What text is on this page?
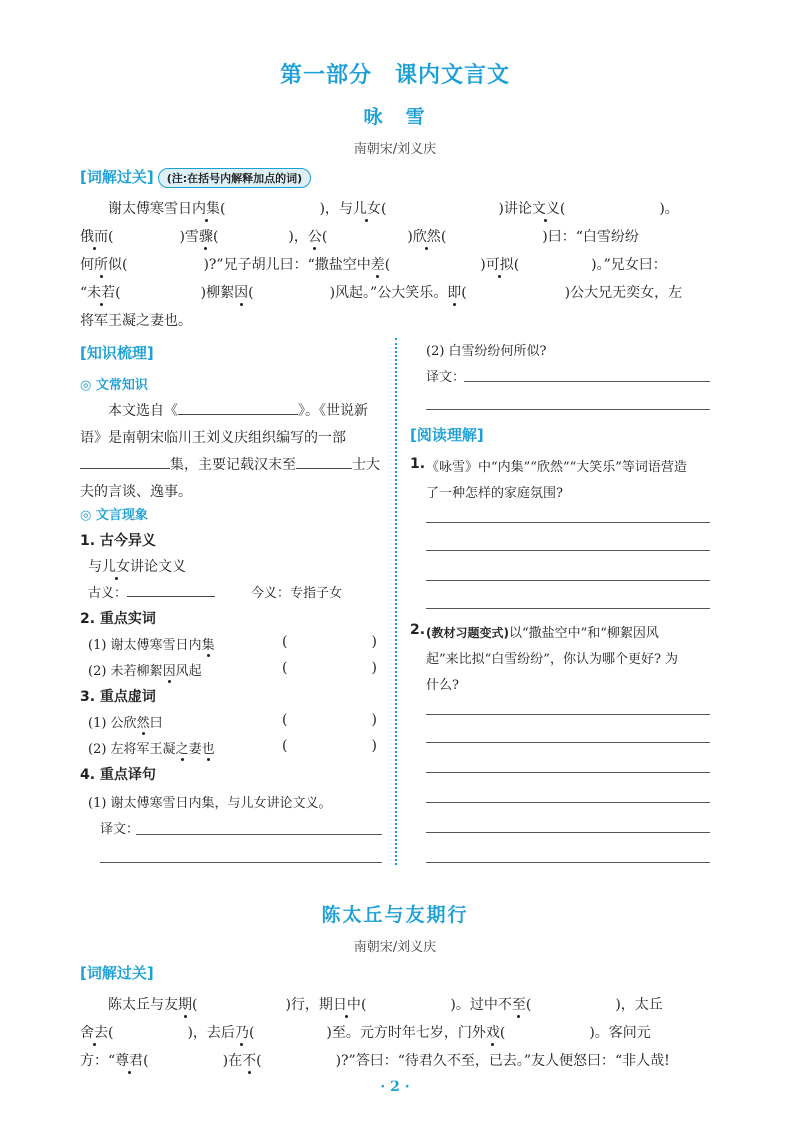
第一部分　课内文言文
咏　雪
南朝宋/刘义庆
[词解过关] (注:在括号内解释加点的词)
谢太傅寒雪日内集(	)，与儿女(	)讲论文义(	)。
俄而(	)雪骤(	)，公(	)欣然(	)曰：“白雪纷纷
何所似(	)?”兄子胡儿曰：“撒盐空中差(	)可拟(	)。”兄女曰：
“未若(	)柳絮因(	)风起。”公大笑乐。即(	)公大兄无奕女，左
将军王凝之妻也。
[知识梳理]
◎ 文常知识
本文选自《	》。《世说新
语》是南朝宋临川王刘义庆组织编写的一部
集，主要记载汉末至	士大
夫的言谈、逸事。
◎ 文言现象
1. 古今异义
与儿女讲论文义
古义：	今义：专指子女
2. 重点实词
(1) 谢太傅寒雪日内集	(	)
(2) 未若柳絮因风起	(	)
3. 重点虚词
(1) 公欣然曰	(	)
(2) 左将军王凝之妻也	(	)
4. 重点译句
(1) 谢太傅寒雪日内集，与儿女讲论文义。
译文：
(2) 白雪纷纷何所似?
译文：
[阅读理解]
1. 《咏雪》中“内集”“欣然”“大笑乐”等词语营造
了一种怎样的家庭氛围?
2. (教材习题变式)以“撒盐空中”和“柳絮因风
起”来比拟“白雪纷纷”，你认为哪个更好? 为
什么?
陈太丘与友期行
南朝宋/刘义庆
[词解过关]
陈太丘与友期(	)行，期日中(	)。过中不至(	)，太丘
舍去(	)，去后乃(	)至。元方时年七岁，门外戏(	)。客问元
方：“尊君(	)在不(	)?”答曰：“待君久不至，已去。”友人便怒曰：“非人哉!
· 2 ·
